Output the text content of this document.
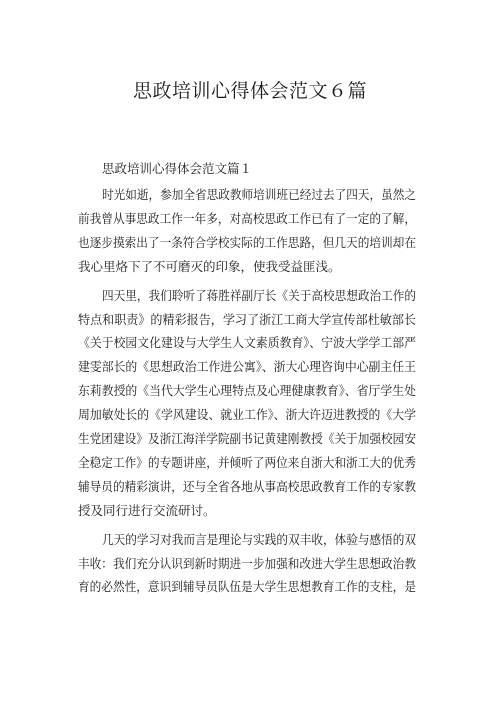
思政培训心得体会范文６篇
思政培训心得体会范文篇１
时光如逝，参加全省思政教师培训班已经过去了四天，虽然之
前我曾从事思政工作一年多，对高校思政工作已有了一定的了解，
也逐步摸索出了一条符合学校实际的工作思路，但几天的培训却在
我心里烙下了不可磨灭的印象，使我受益匪浅。
四天里，我们聆听了蒋胜祥副厅长《关于高校思想政治工作的
特点和职责》的精彩报告，学习了浙江工商大学宣传部杜敏部长
《关于校园文化建设与大学生人文素质教育》、宁波大学学工部严
建雯部长的《思想政治工作进公寓》、浙大心理咨询中心副主任王
东莉教授的《当代大学生心理特点及心理健康教育》、省厅学生处
周加敏处长的《学风建设、就业工作》、浙大许迈进教授的《大学
生党团建设》及浙江海洋学院副书记黄建刚教授《关于加强校园安
全稳定工作》的专题讲座，并倾听了两位来自浙大和浙工大的优秀
辅导员的精彩演讲，还与全省各地从事高校思政教育工作的专家教
授及同行进行交流研讨。
几天的学习对我而言是理论与实践的双丰收，体验与感悟的双
丰收：我们充分认识到新时期进一步加强和改进大学生思想政治教
育的必然性，意识到辅导员队伍是大学生思想教育工作的支柱，是
